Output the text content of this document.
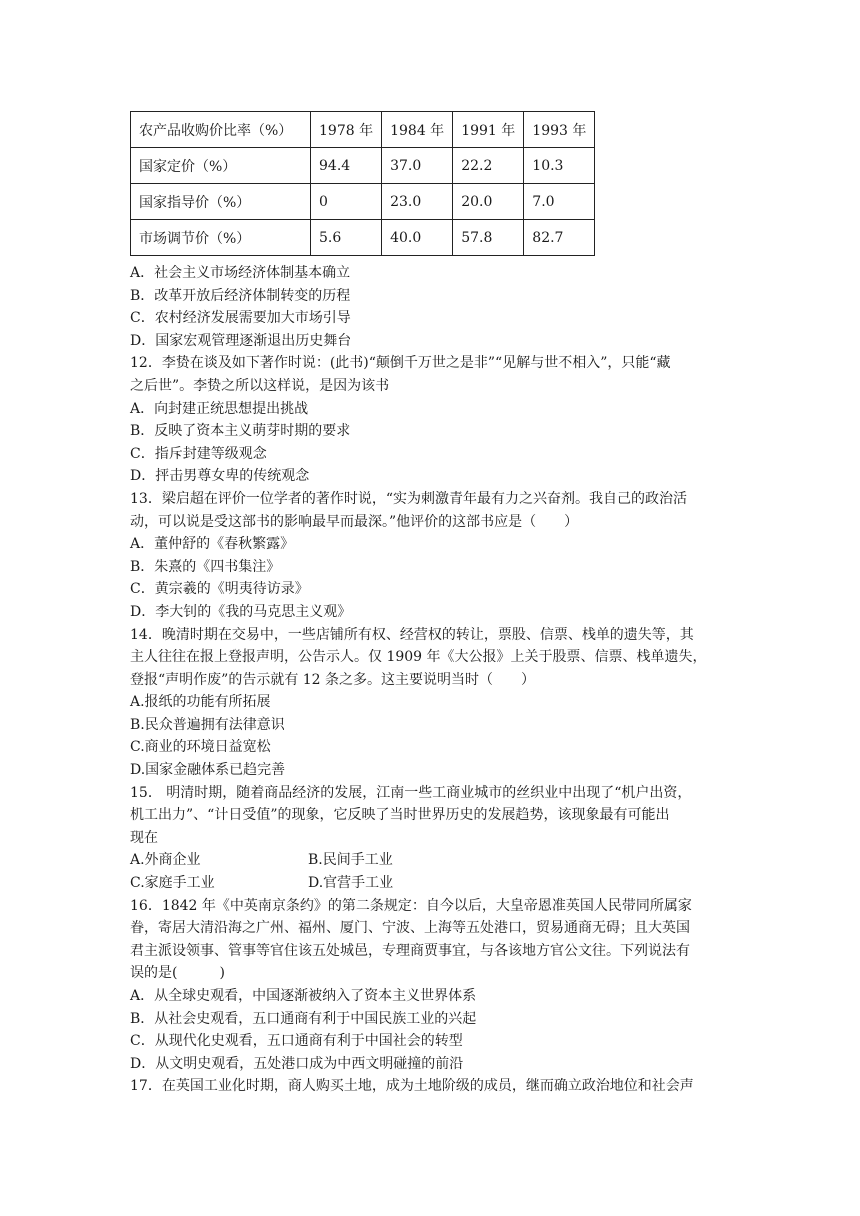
农产品收购价比率（%）	1978 年	1984 年	1991 年	1993 年
国家定价（%）	94.4	37.0	22.2	10.3
国家指导价（%）	0	23.0	20.0	7.0
市场调节价（%）	5.6	40.0	57.8	82.7

A．社会主义市场经济体制基本确立

B．改革开放后经济体制转变的历程

C．农村经济发展需要加大市场引导

D．国家宏观管理逐渐退出历史舞台

12．李贽在谈及如下著作时说：(此书)“颠倒千万世之是非”“见解与世不相入”，只能“藏

之后世”。李贽之所以这样说，是因为该书

A．向封建正统思想提出挑战

B．反映了资本主义萌芽时期的要求

C．指斥封建等级观念

D．抨击男尊女卑的传统观念

13．梁启超在评价一位学者的著作时说，“实为刺激青年最有力之兴奋剂。我自己的政治活

动，可以说是受这部书的影响最早而最深。”他评价的这部书应是（　　）

A．董仲舒的《春秋繁露》

B．朱熹的《四书集注》

C．黄宗羲的《明夷待访录》

D．李大钊的《我的马克思主义观》

14．晚清时期在交易中，一些店铺所有权、经营权的转让，票股、信票、栈单的遗失等，其

主人往往在报上登报声明，公告示人。仅 1909 年《大公报》上关于股票、信票、栈单遗失，

登报“声明作废”的告示就有 12 条之多。这主要说明当时（　　）

A.报纸的功能有所拓展

B.民众普遍拥有法律意识

C.商业的环境日益宽松

D.国家金融体系已趋完善

15． 明清时期，随着商品经济的发展，江南一些工商业城市的丝织业中出现了“机户出资，

机工出力”、“计日受值”的现象，它反映了当时世界历史的发展趋势，该现象最有可能出

现在

A.外商企业	B.民间手工业
C.家庭手工业	D.官营手工业

16．1842 年《中英南京条约》的第二条规定：自今以后，大皇帝恩准英国人民带同所属家

眷，寄居大清沿海之广州、福州、厦门、宁波、上海等五处港口，贸易通商无碍；且大英国

君主派设领事、管事等官住该五处城邑，专理商贾事宜，与各该地方官公文往。下列说法有

误的是(　　　)

A．从全球史观看，中国逐渐被纳入了资本主义世界体系

B．从社会史观看，五口通商有利于中国民族工业的兴起

C．从现代化史观看，五口通商有利于中国社会的转型

D．从文明史观看，五处港口成为中西文明碰撞的前沿

17．在英国工业化时期，商人购买土地，成为土地阶级的成员，继而确立政治地位和社会声
